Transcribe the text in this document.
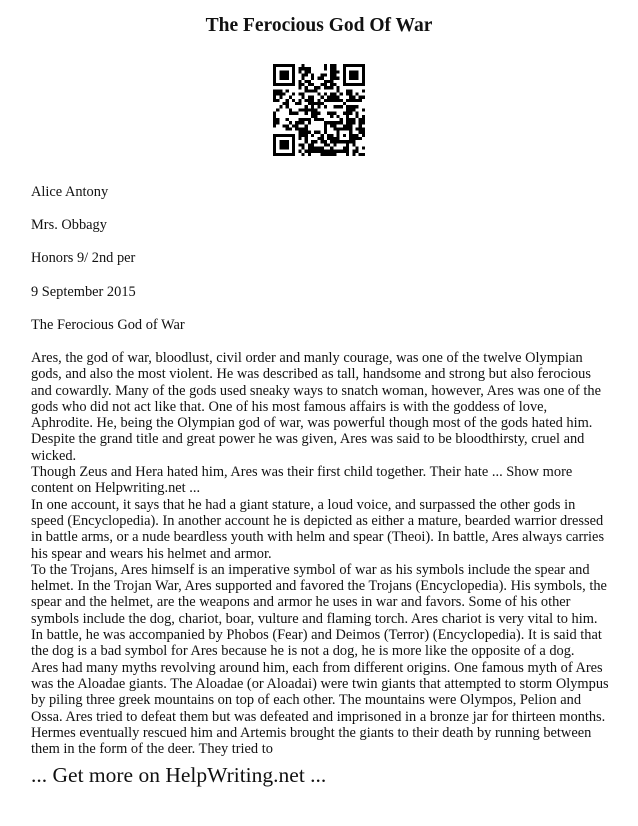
The Ferocious God Of War

Alice Antony

Mrs. Obbagy

Honors 9/ 2nd per

9 September 2015

The Ferocious God of War

Ares, the god of war, bloodlust, civil order and manly courage, was one of the twelve Olympian gods, and also the most violent. He was described as tall, handsome and strong but also ferocious and cowardly. Many of the gods used sneaky ways to snatch woman, however, Ares was one of the gods who did not act like that. One of his most famous affairs is with the goddess of love, Aphrodite. He, being the Olympian god of war, was powerful though most of the gods hated him. Despite the grand title and great power he was given, Ares was said to be bloodthirsty, cruel and wicked.

Though Zeus and Hera hated him, Ares was their first child together. Their hate ... Show more content on Helpwriting.net ...

In one account, it says that he had a giant stature, a loud voice, and surpassed the other gods in speed (Encyclopedia). In another account he is depicted as either a mature, bearded warrior dressed in battle arms, or a nude beardless youth with helm and spear (Theoi). In battle, Ares always carries his spear and wears his helmet and armor.

To the Trojans, Ares himself is an imperative symbol of war as his symbols include the spear and helmet. In the Trojan War, Ares supported and favored the Trojans (Encyclopedia). His symbols, the spear and the helmet, are the weapons and armor he uses in war and favors. Some of his other symbols include the dog, chariot, boar, vulture and flaming torch. Ares chariot is very vital to him. In battle, he was accompanied by Phobos (Fear) and Deimos (Terror) (Encyclopedia). It is said that the dog is a bad symbol for Ares because he is not a dog, he is more like the opposite of a dog.

Ares had many myths revolving around him, each from different origins. One famous myth of Ares was the Aloadae giants. The Aloadae (or Aloadai) were twin giants that attempted to storm Olympus by piling three greek mountains on top of each other. The mountains were Olympos, Pelion and Ossa. Ares tried to defeat them but was defeated and imprisoned in a bronze jar for thirteen months. Hermes eventually rescued him and Artemis brought the giants to their death by running between them in the form of the deer. They tried to

... Get more on HelpWriting.net ...
